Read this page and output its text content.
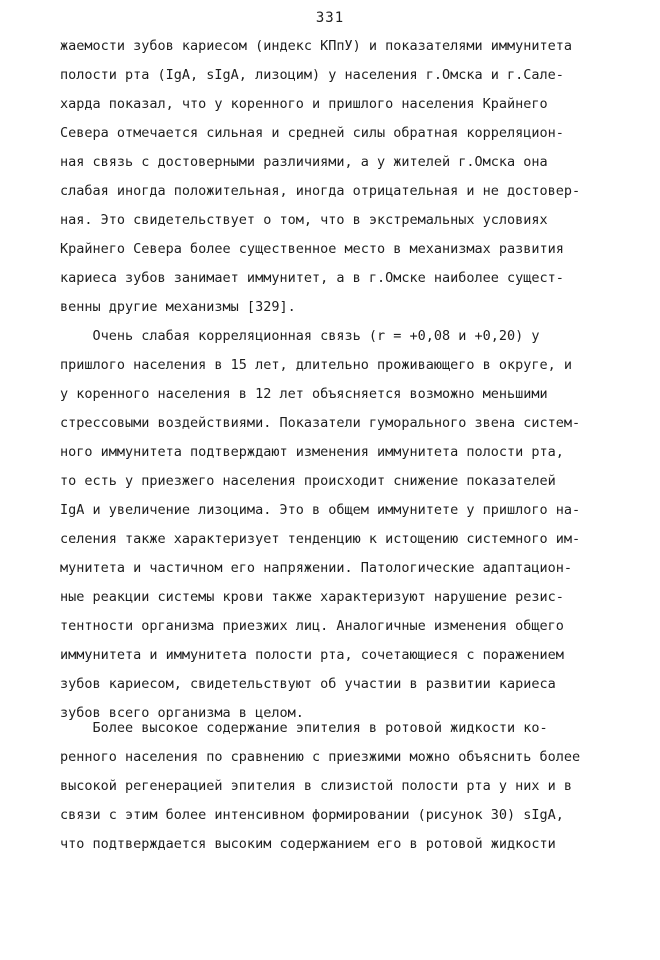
331
жаемости зубов кариесом (индекс КПпУ) и показателями иммунитета
полости рта (IgA, sIgA, лизоцим) у населения г.Омска и г.Сале-
харда показал, что у коренного и пришлого населения Крайнего
Севера отмечается сильная и средней силы обратная корреляцион-
ная связь с достоверными различиями, а у жителей г.Омска она
слабая иногда положительная, иногда отрицательная и не достовер-
ная. Это свидетельствует о том, что в экстремальных условиях
Крайнего Севера более существенное место в механизмах развития
кариеса зубов занимает иммунитет, а в г.Омске наиболее сущест-
венны другие механизмы [329].
Очень слабая корреляционная связь (r = +0,08 и +0,20) у
пришлого населения в 15 лет, длительно проживающего в округе, и
у коренного населения в 12 лет объясняется возможно меньшими
стрессовыми воздействиями. Показатели гуморального звена систем-
ного иммунитета подтверждают изменения иммунитета полости рта,
то есть у приезжего населения происходит снижение показателей
IgA и увеличение лизоцима. Это в общем иммунитете у пришлого на-
селения также характеризует тенденцию к истощению системного им-
мунитета и частичном его напряжении. Патологические адаптацион-
ные реакции системы крови также характеризуют нарушение резис-
тентности организма приезжих лиц. Аналогичные изменения общего
иммунитета и иммунитета полости рта, сочетающиеся с поражением
зубов кариесом, свидетельствуют об участии в развитии кариеса
зубов всего организма в целом.
Более высокое содержание эпителия в ротовой жидкости ко-
ренного населения по сравнению с приезжими можно объяснить более
высокой регенерацией эпителия в слизистой полости рта у них и в
связи с этим более интенсивном формировании (рисунок 30) sIgA,
что подтверждается высоким содержанием его в ротовой жидкости
